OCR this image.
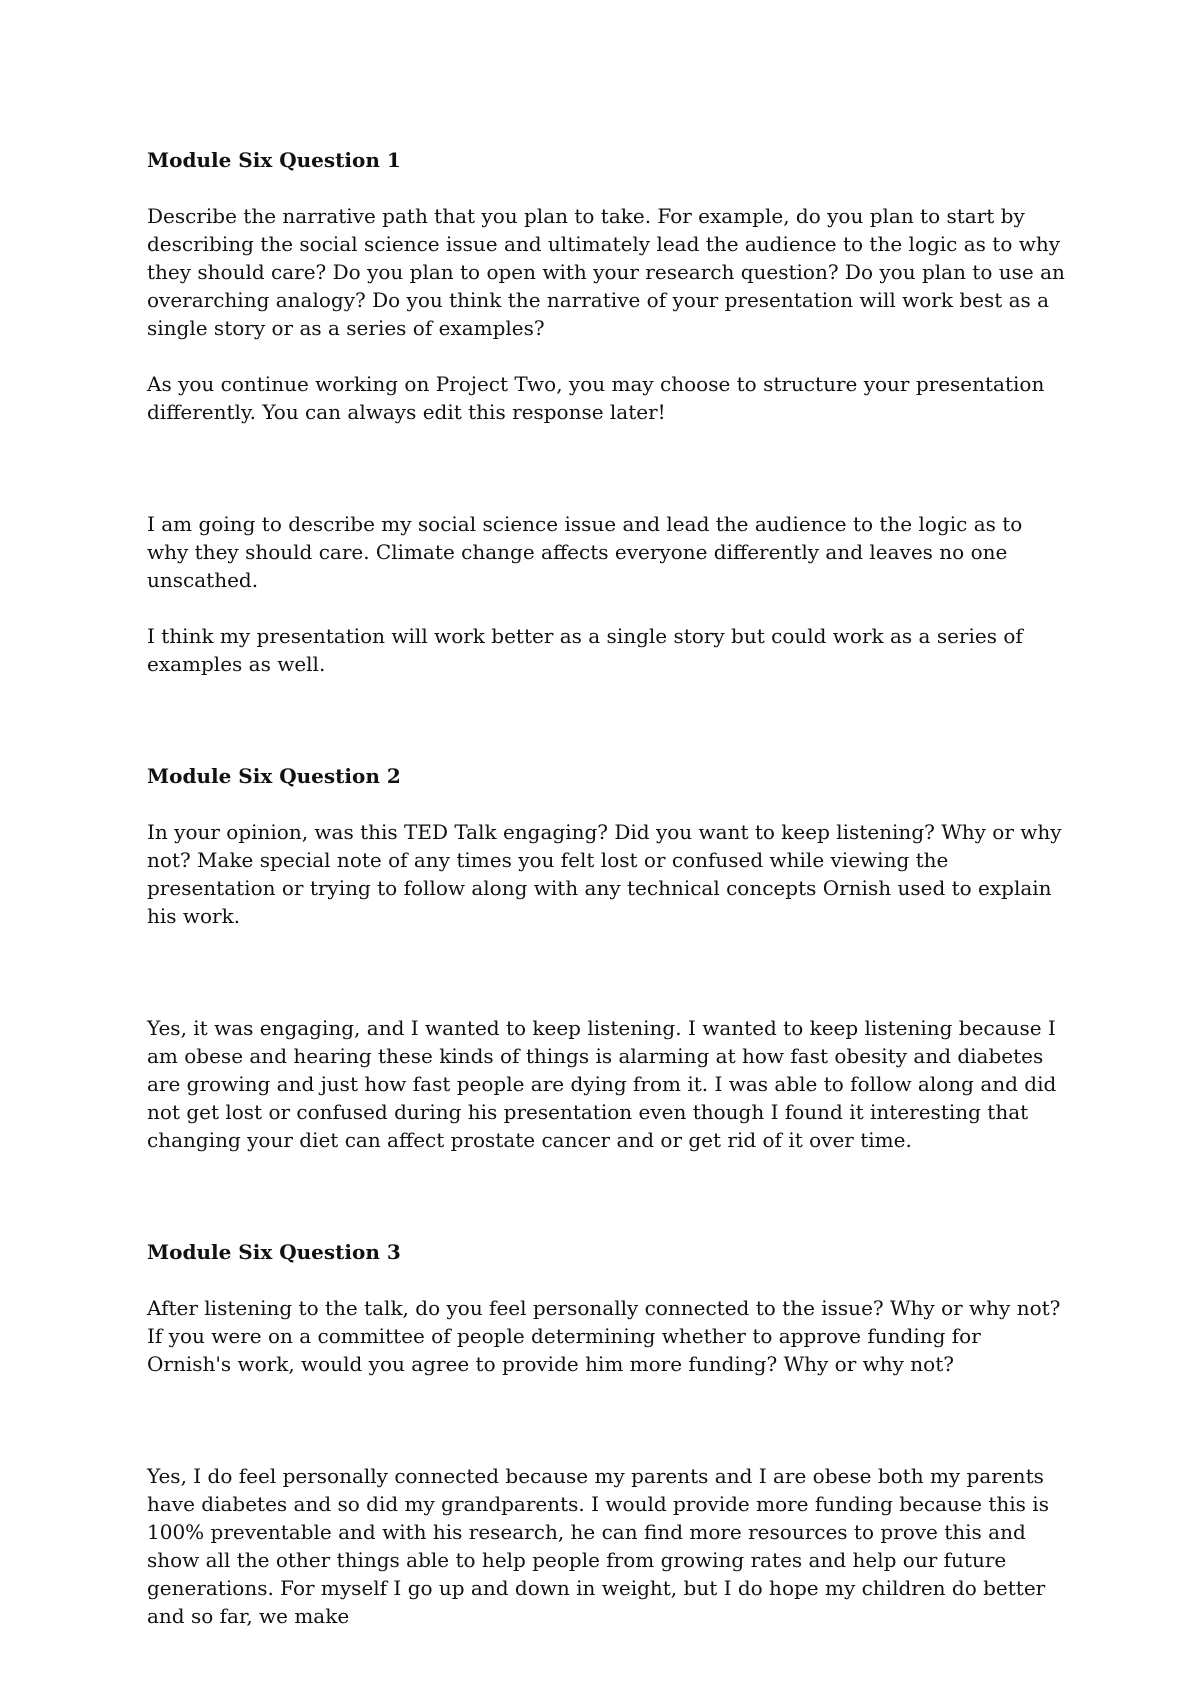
Module Six Question 1

Describe the narrative path that you plan to take. For example, do you plan to start by describing the social science issue and ultimately lead the audience to the logic as to why they should care? Do you plan to open with your research question? Do you plan to use an overarching analogy? Do you think the narrative of your presentation will work best as a single story or as a series of examples?

As you continue working on Project Two, you may choose to structure your presentation differently. You can always edit this response later!

I am going to describe my social science issue and lead the audience to the logic as to why they should care. Climate change affects everyone differently and leaves no one unscathed.

I think my presentation will work better as a single story but could work as a series of examples as well.

Module Six Question 2

In your opinion, was this TED Talk engaging? Did you want to keep listening? Why or why not? Make special note of any times you felt lost or confused while viewing the presentation or trying to follow along with any technical concepts Ornish used to explain his work.

Yes, it was engaging, and I wanted to keep listening. I wanted to keep listening because I am obese and hearing these kinds of things is alarming at how fast obesity and diabetes are growing and just how fast people are dying from it. I was able to follow along and did not get lost or confused during his presentation even though I found it interesting that changing your diet can affect prostate cancer and or get rid of it over time.

Module Six Question 3

After listening to the talk, do you feel personally connected to the issue? Why or why not? If you were on a committee of people determining whether to approve funding for Ornish's work, would you agree to provide him more funding? Why or why not?

Yes, I do feel personally connected because my parents and I are obese both my parents have diabetes and so did my grandparents. I would provide more funding because this is 100% preventable and with his research, he can find more resources to prove this and show all the other things able to help people from growing rates and help our future generations. For myself I go up and down in weight, but I do hope my children do better and so far, we make
